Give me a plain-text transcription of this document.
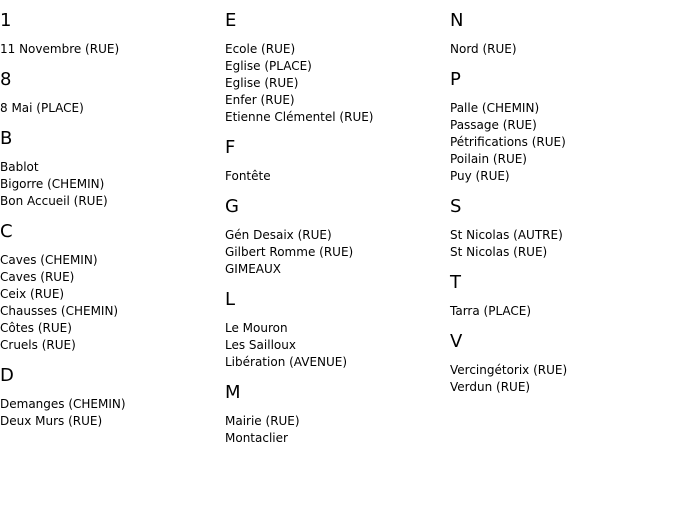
1
11 Novembre (RUE)
8
8 Mai (PLACE)
B
Bablot
Bigorre (CHEMIN)
Bon Accueil (RUE)
C
Caves (CHEMIN)
Caves (RUE)
Ceix (RUE)
Chausses (CHEMIN)
Côtes (RUE)
Cruels (RUE)
D
Demanges (CHEMIN)
Deux Murs (RUE)
E
Ecole (RUE)
Eglise (PLACE)
Eglise (RUE)
Enfer (RUE)
Etienne Clémentel (RUE)
F
Fontête
G
Gén Desaix (RUE)
Gilbert Romme (RUE)
GIMEAUX
L
Le Mouron
Les Sailloux
Libération (AVENUE)
M
Mairie (RUE)
Montaclier
N
Nord (RUE)
P
Palle (CHEMIN)
Passage (RUE)
Pétrifications (RUE)
Poilain (RUE)
Puy (RUE)
S
St Nicolas (AUTRE)
St Nicolas (RUE)
T
Tarra (PLACE)
V
Vercingétorix (RUE)
Verdun (RUE)
